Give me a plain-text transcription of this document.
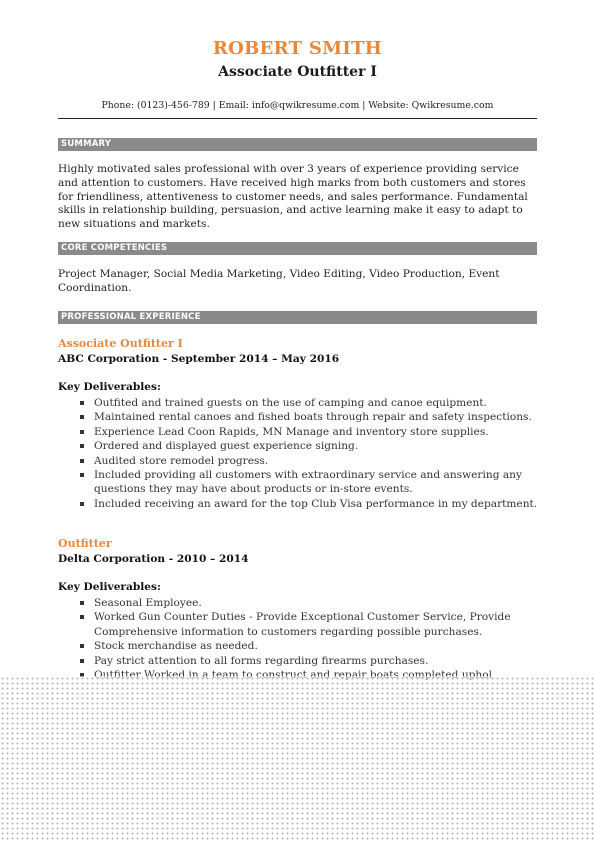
ROBERT SMITH
Associate Outfitter I
Phone: (0123)-456-789 | Email: info@qwikresume.com | Website: Qwikresume.com
SUMMARY
Highly motivated sales professional with over 3 years of experience providing service and attention to customers. Have received high marks from both customers and stores for friendliness, attentiveness to customer needs, and sales performance. Fundamental skills in relationship building, persuasion, and active learning make it easy to adapt to new situations and markets.
CORE COMPETENCIES
Project Manager, Social Media Marketing, Video Editing, Video Production, Event Coordination.
PROFESSIONAL EXPERIENCE
Associate Outfitter I
ABC Corporation - September 2014 – May 2016
Key Deliverables:
Outfited and trained guests on the use of camping and canoe equipment.
Maintained rental canoes and fished boats through repair and safety inspections.
Experience Lead Coon Rapids, MN Manage and inventory store supplies.
Ordered and displayed guest experience signing.
Audited store remodel progress.
Included providing all customers with extraordinary service and answering any questions they may have about products or in-store events.
Included receiving an award for the top Club Visa performance in my department.
Outfitter
Delta Corporation - 2010 – 2014
Key Deliverables:
Seasonal Employee.
Worked Gun Counter Duties - Provide Exceptional Customer Service, Provide Comprehensive information to customers regarding possible purchases.
Stock merchandise as needed.
Pay strict attention to all forms regarding firearms purchases.
